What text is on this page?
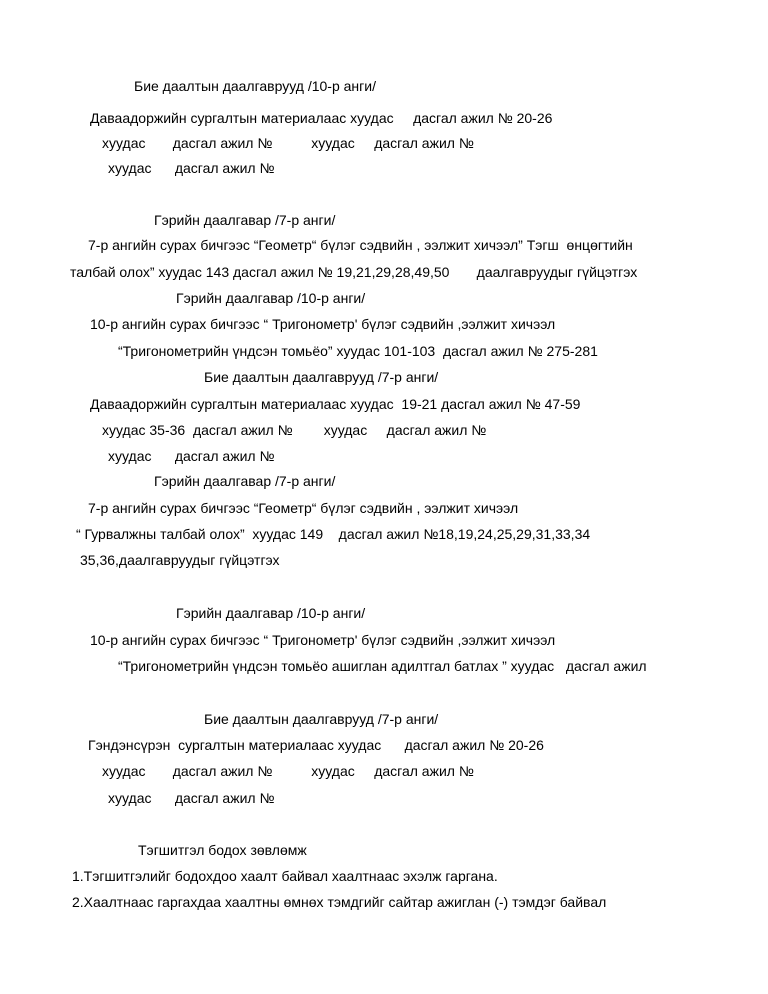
Бие даалтын даалгаврууд /10-р анги/
Даваадоржийн сургалтын материалаас хуудас     дасгал ажил № 20-26
хуудас       дасгал ажил №          хуудас     дасгал ажил №
хуудас      дасгал ажил №
Гэрийн даалгавар /7-р анги/
7-р ангийн сурах бичгээс “Геометр“ бүлэг сэдвийн , ээлжит хичээл” Тэгш  өнцөгтийн
талбай олох” хуудас 143 дасгал ажил № 19,21,29,28,49,50       даалгавруудыг гүйцэтгэх
Гэрийн даалгавар /10-р анги/
10-р ангийн сурах бичгээс “ Тригонометр' бүлэг сэдвийн ,ээлжит хичээл
“Тригонометрийн үндсэн томьёо” хуудас 101-103  дасгал ажил № 275-281
Бие даалтын даалгаврууд /7-р анги/
Даваадоржийн сургалтын материалаас хуудас  19-21 дасгал ажил № 47-59
хуудас 35-36  дасгал ажил №        хуудас     дасгал ажил №
хуудас      дасгал ажил №
Гэрийн даалгавар /7-р анги/
7-р ангийн сурах бичгээс “Геометр“ бүлэг сэдвийн , ээлжит хичээл
“ Гурвалжны талбай олох”  хуудас 149    дасгал ажил №18,19,24,25,29,31,33,34
35,36,даалгавруудыг гүйцэтгэх
Гэрийн даалгавар /10-р анги/
10-р ангийн сурах бичгээс “ Тригонометр' бүлэг сэдвийн ,ээлжит хичээл
“Тригонометрийн үндсэн томьёо ашиглан адилтгал батлах ” хуудас   дасгал ажил
Бие даалтын даалгаврууд /7-р анги/
Гэндэнсүрэн  сургалтын материалаас хуудас      дасгал ажил № 20-26
хуудас       дасгал ажил №          хуудас     дасгал ажил №
хуудас      дасгал ажил №
Тэгшитгэл бодох зөвлөмж
1.Тэгшитгэлийг бодохдоо хаалт байвал хаалтнаас эхэлж гаргана.
2.Хаалтнаас гаргахдаа хаалтны өмнөх тэмдгийг сайтар ажиглан (-) тэмдэг байвал
